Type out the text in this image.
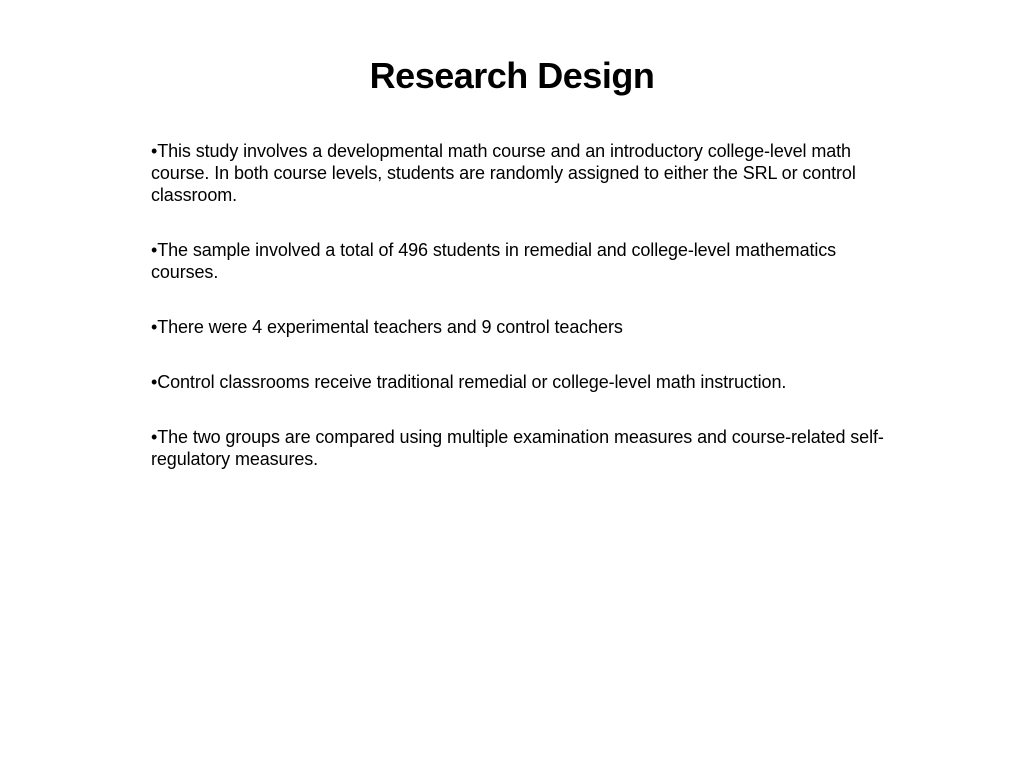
Research Design
•This study involves a developmental math course and an introductory college-level math course. In both course levels, students are randomly assigned to either the SRL or control classroom.
•The sample involved a total of 496 students in remedial and college-level mathematics courses.
•There were 4 experimental teachers and 9 control teachers
•Control classrooms receive traditional remedial or college-level math instruction.
•The two groups are compared using multiple examination measures and course-related self-regulatory measures.
